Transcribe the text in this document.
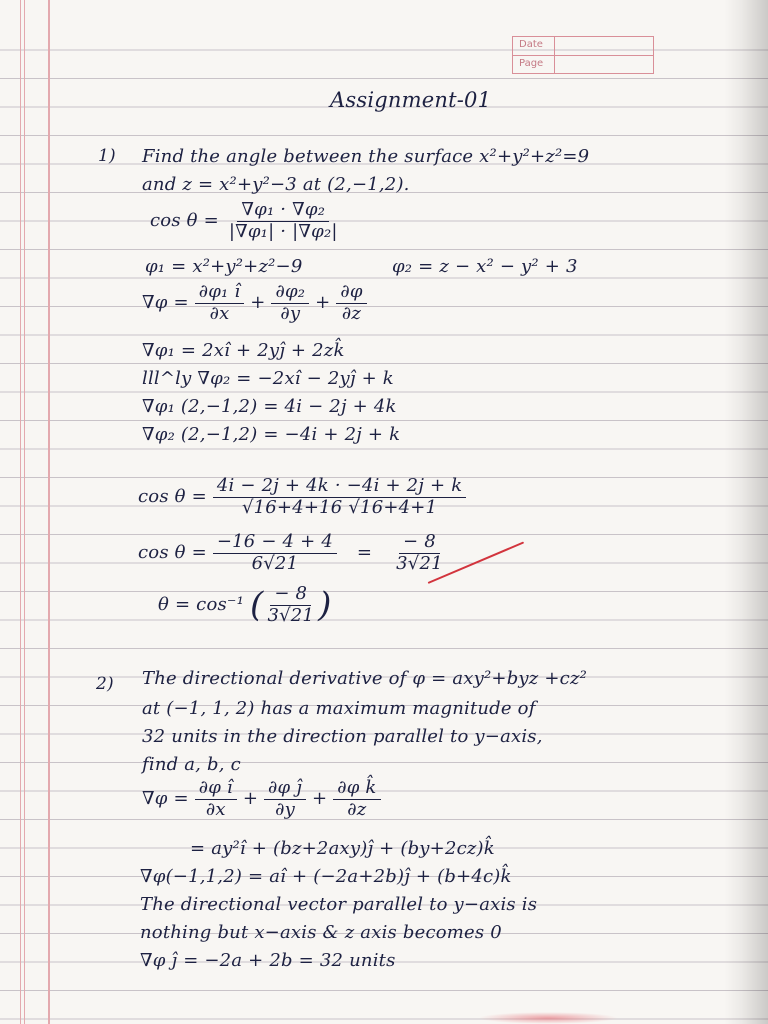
Date
Page
Assignment-01
1) Find the angle between the surface x²+y²+z²=9
and z = x²+y²−3 at (2,−1,2).
$\cos \theta = \frac{\text{∇φ₁ · ∇φ₂}}{\text{|∇φ₁| · |∇φ₂|}}$
φ₁ = x²+y²+z²−9	φ₂ = z − x² − y² + 3
$\nabla\varphi = \frac{\text{∂φ₁ î}}{\partial x} + \frac{\text{∂φ₂}}{\partial y} + \frac{\partial\varphi}{\partial z}$
∇φ₁ = 2xî + 2yĵ + 2zk̂
lll^ly ∇φ₂ = −2xî − 2yĵ + k
∇φ₁ (2,−1,2) = 4i − 2j + 4k
∇φ₂ (2,−1,2) = −4i + 2j + k
$\cos \theta = \frac{4i - 2j + 4k \cdot -4i + 2j + k}{√16+4+16 √16+4+1}$
$\cos \theta = \frac{-16 - 4 + 4}{6√21} = \frac{- 8}{3√21}$
θ = cos⁻¹ ( $\frac{- 8}{3√21}$ )
2) The directional derivative of φ = axy²+byz +cz²
at (−1, 1, 2) has a maximum magnitude of
32 units in the direction parallel to y−axis,
find a, b, c
$\nabla\varphi = \frac{\text{∂φ î}}{\partial x} + \frac{\text{∂φ ĵ}}{\partial y} + \frac{\text{∂φ k̂}}{\partial z}$
= ay²î + (bz+2axy)ĵ + (by+2cz)k̂
∇φ(−1,1,2) = aî + (−2a+2b)ĵ + (b+4c)k̂
The directional vector parallel to y−axis is
nothing but x−axis & z axis becomes 0
∇φ ĵ = −2a + 2b = 32 units
